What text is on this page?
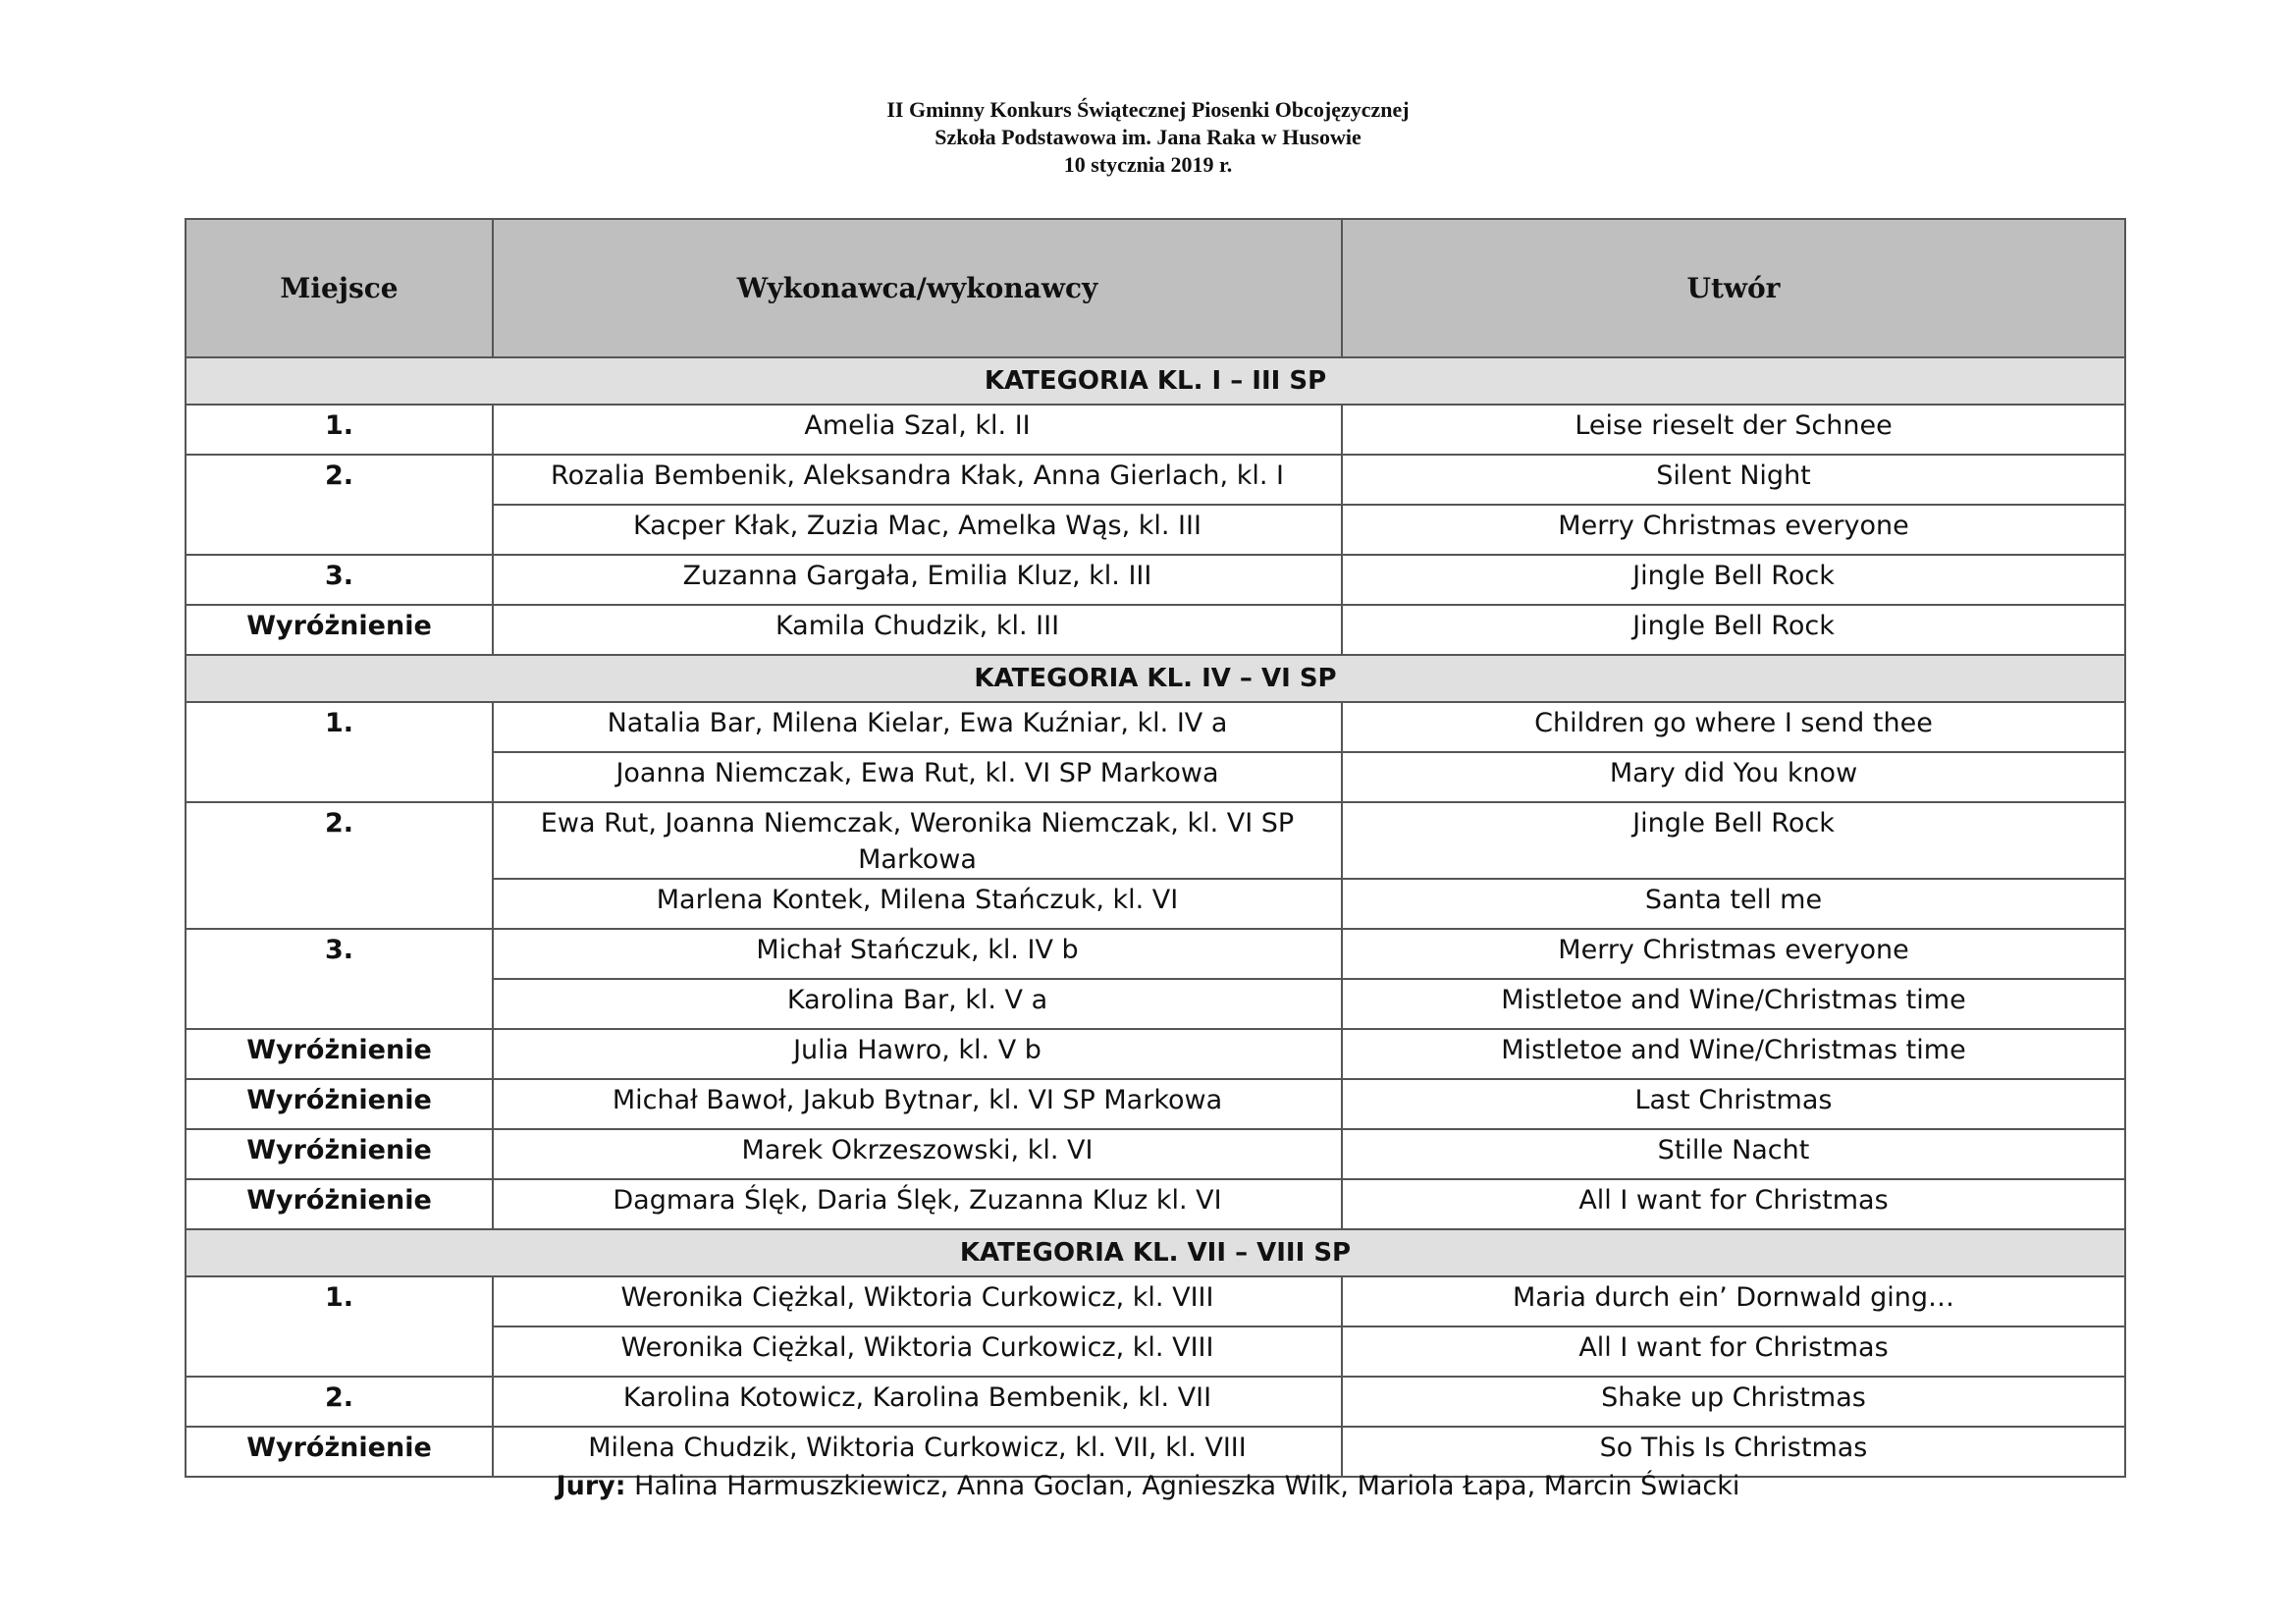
II Gminny Konkurs Świątecznej Piosenki Obcojęzycznej
Szkoła Podstawowa im. Jana Raka w Husowie
10 stycznia 2019 r.
Miejsce	Wykonawca/wykonawcy	Utwór
KATEGORIA KL. I – III SP		
1.	Amelia Szal, kl. II	Leise rieselt der Schnee
2.	Rozalia Bembenik, Aleksandra Kłak, Anna Gierlach, kl. I	Silent Night
	Kacper Kłak, Zuzia Mac, Amelka Wąs, kl. III	Merry Christmas everyone
3.	Zuzanna Gargała, Emilia Kluz, kl. III	Jingle Bell Rock
Wyróżnienie	Kamila Chudzik, kl. III	Jingle Bell Rock
KATEGORIA KL. IV – VI SP		
1.	Natalia Bar, Milena Kielar, Ewa Kuźniar, kl. IV a	Children go where I send thee
	Joanna Niemczak, Ewa Rut, kl. VI SP Markowa	Mary did You know
2.	Ewa Rut, Joanna Niemczak, Weronika Niemczak, kl. VI SP Markowa	Jingle Bell Rock
	Marlena Kontek, Milena Stańczuk, kl. VI	Santa tell me
3.	Michał Stańczuk, kl. IV b	Merry Christmas everyone
	Karolina Bar, kl. V a	Mistletoe and Wine/Christmas time
Wyróżnienie	Julia Hawro, kl. V b	Mistletoe and Wine/Christmas time
Wyróżnienie	Michał Bawoł, Jakub Bytnar, kl. VI SP Markowa	Last Christmas
Wyróżnienie	Marek Okrzeszowski, kl. VI	Stille Nacht
Wyróżnienie	Dagmara Ślęk, Daria Ślęk, Zuzanna Kluz kl. VI	All I want for Christmas
KATEGORIA KL. VII – VIII SP		
1.	Weronika Ciężkal, Wiktoria Curkowicz, kl. VIII	Maria durch ein’ Dornwald ging…
	Weronika Ciężkal, Wiktoria Curkowicz, kl. VIII	All I want for Christmas
2.	Karolina Kotowicz, Karolina Bembenik, kl. VII	Shake up Christmas
Wyróżnienie	Milena Chudzik, Wiktoria Curkowicz, kl. VII, kl. VIII	So This Is Christmas
Jury: Halina Harmuszkiewicz, Anna Goclan, Agnieszka Wilk, Mariola Łapa, Marcin Świacki
